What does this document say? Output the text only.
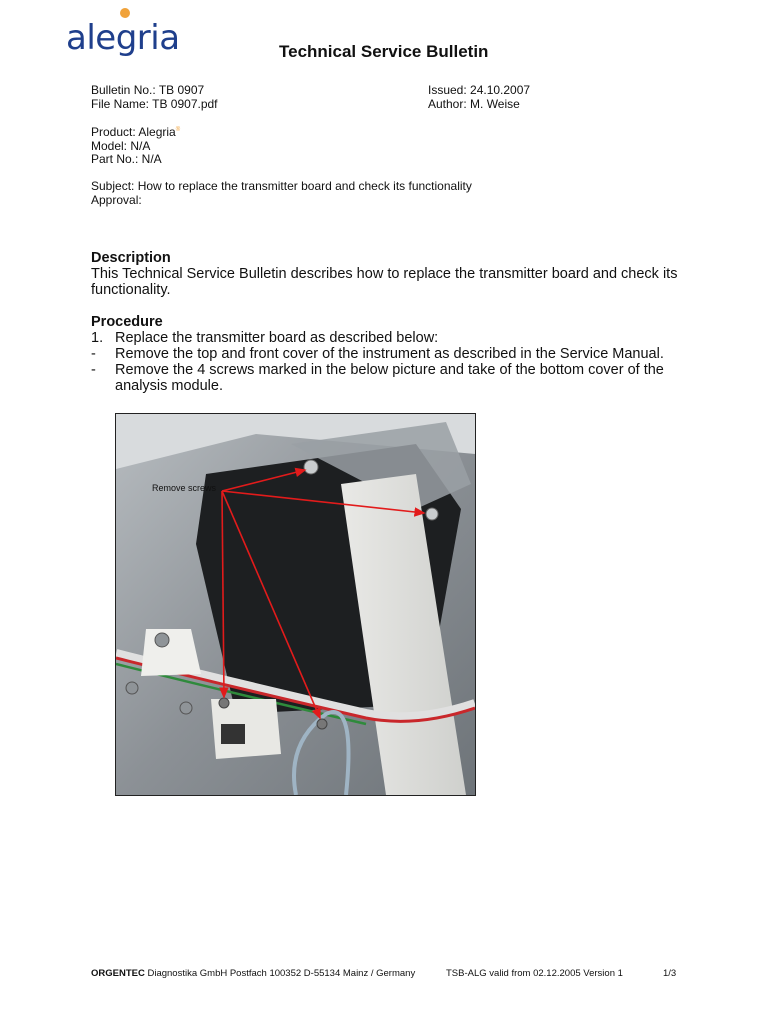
alegria	Technical Service Bulletin
Bulletin No.: TB 0907
File Name: TB 0907.pdf
Issued: 24.10.2007
Author: M. Weise
Product: Alegria®
Model: N/A
Part No.: N/A
Subject: How to replace the transmitter board and check its functionality
Approval:
Description
This Technical Service Bulletin describes how to replace the transmitter board and check its functionality.
Procedure
1. Replace the transmitter board as described below:
-	Remove the top and front cover of the instrument as described in the Service Manual.
-	Remove the 4 screws marked in the below picture and take of the bottom cover of the analysis module.
Remove screws
ORGENTEC Diagnostika GmbH Postfach 100352 D-55134 Mainz / Germany	TSB-ALG valid from 02.12.2005 Version 1	1/3
